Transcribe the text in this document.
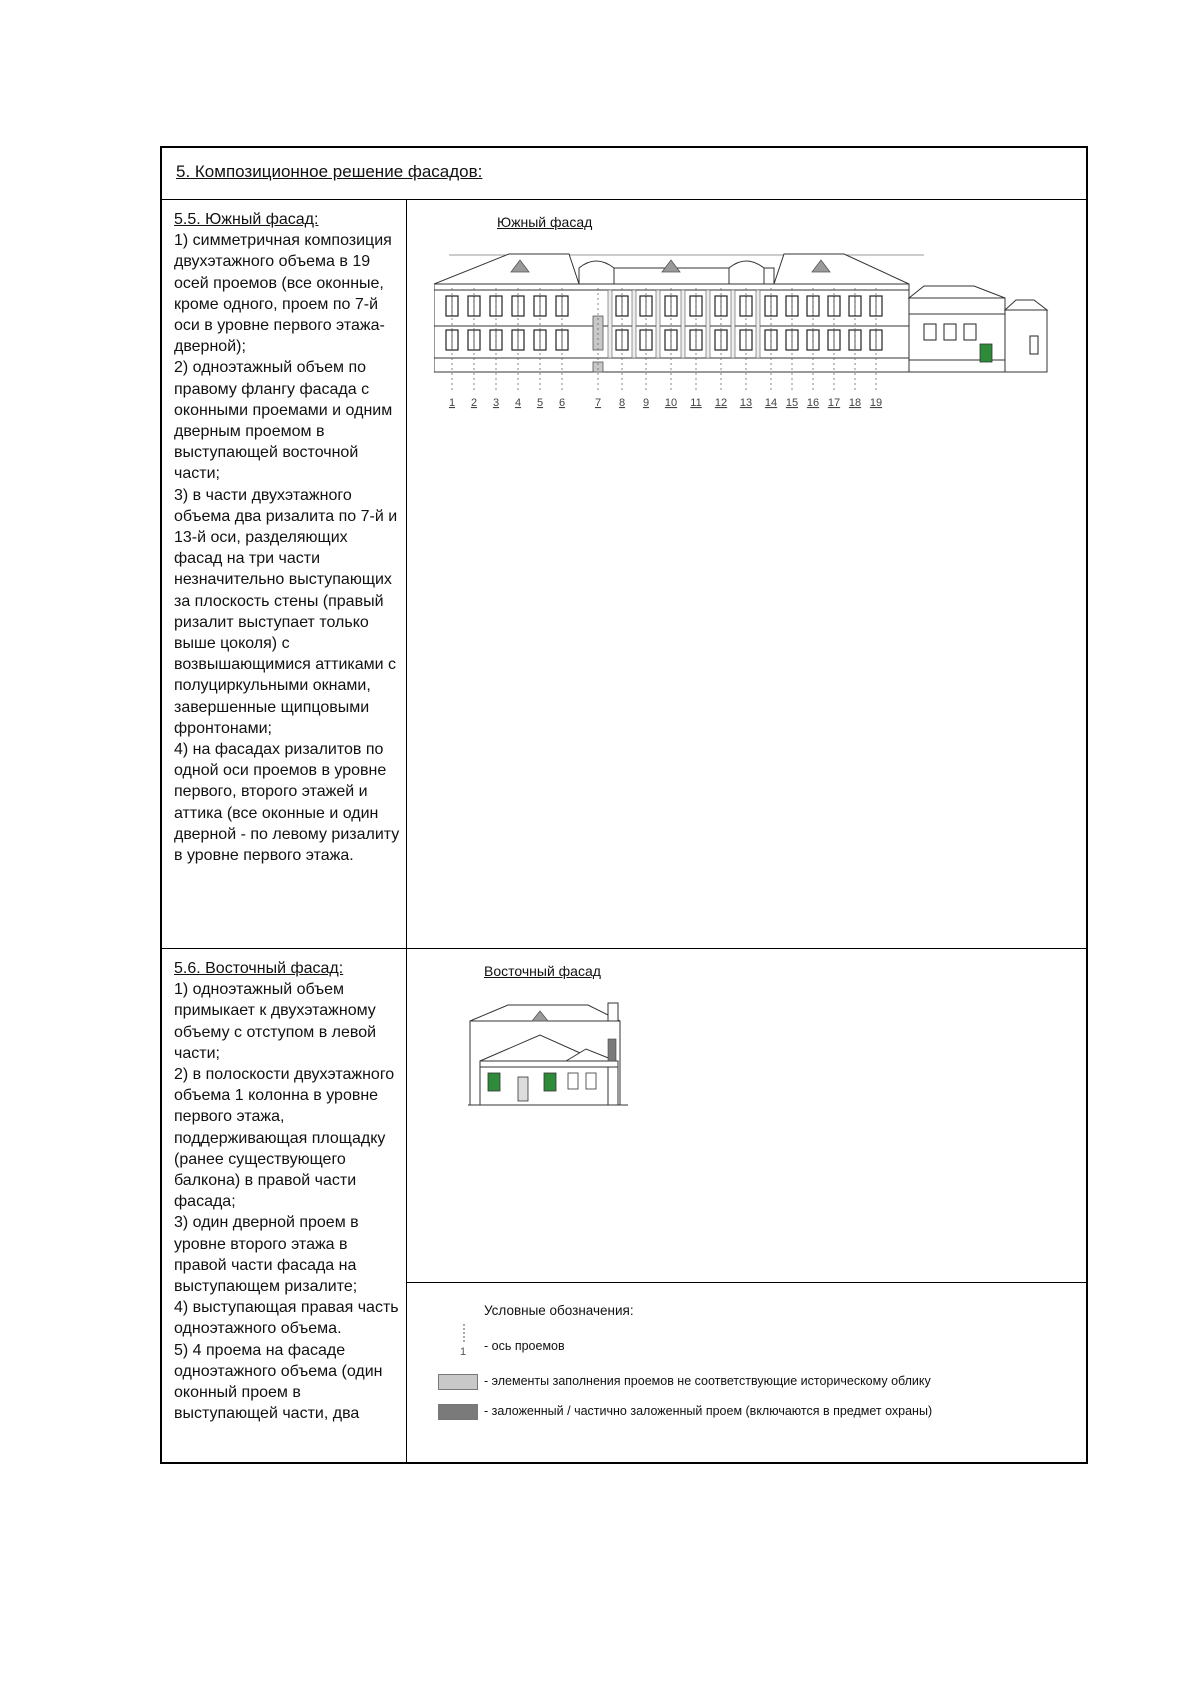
5. Композиционное решение фасадов:
5.5. Южный фасад:
1) симметричная композиция двухэтажного объема в 19 осей проемов (все оконные, кроме одного, проем по 7-й оси в уровне первого этажа-дверной);
2) одноэтажный объем по правому флангу фасада с оконными проемами и одним дверным проемом в выступающей восточной части;
3) в части двухэтажного объема два ризалита по 7-й и 13-й оси, разделяющих фасад на три части незначительно выступающих за плоскость стены (правый ризалит выступает только выше цоколя) с возвышающимися аттиками с полуциркульными окнами, завершенные щипцовыми фронтонами;
4) на фасадах ризалитов по одной оси проемов в уровне первого, второго этажей и аттика (все оконные и один дверной - по левому ризалиту в уровне первого этажа.
Южный фасад
1 2 3 4 5 6	7 8 9 10 11 12 13 14 15 16 17 18 19
5.6. Восточный фасад:
1) одноэтажный объем примыкает к двухэтажному объему с отступом в левой части;
2) в полоскости двухэтажного объема 1 колонна в уровне первого этажа, поддерживающая площадку (ранее существующего балкона) в правой части фасада;
3) один дверной проем в уровне второго этажа в правой части фасада на выступающем ризалите;
4) выступающая правая часть одноэтажного объема.
5) 4 проема на фасаде одноэтажного объема (один оконный проем в выступающей части, два
Восточный фасад
Условные обозначения:
1 - ось проемов
- элементы заполнения проемов не соответствующие историческому облику
- заложенный / частично заложенный проем (включаются в предмет охраны)
